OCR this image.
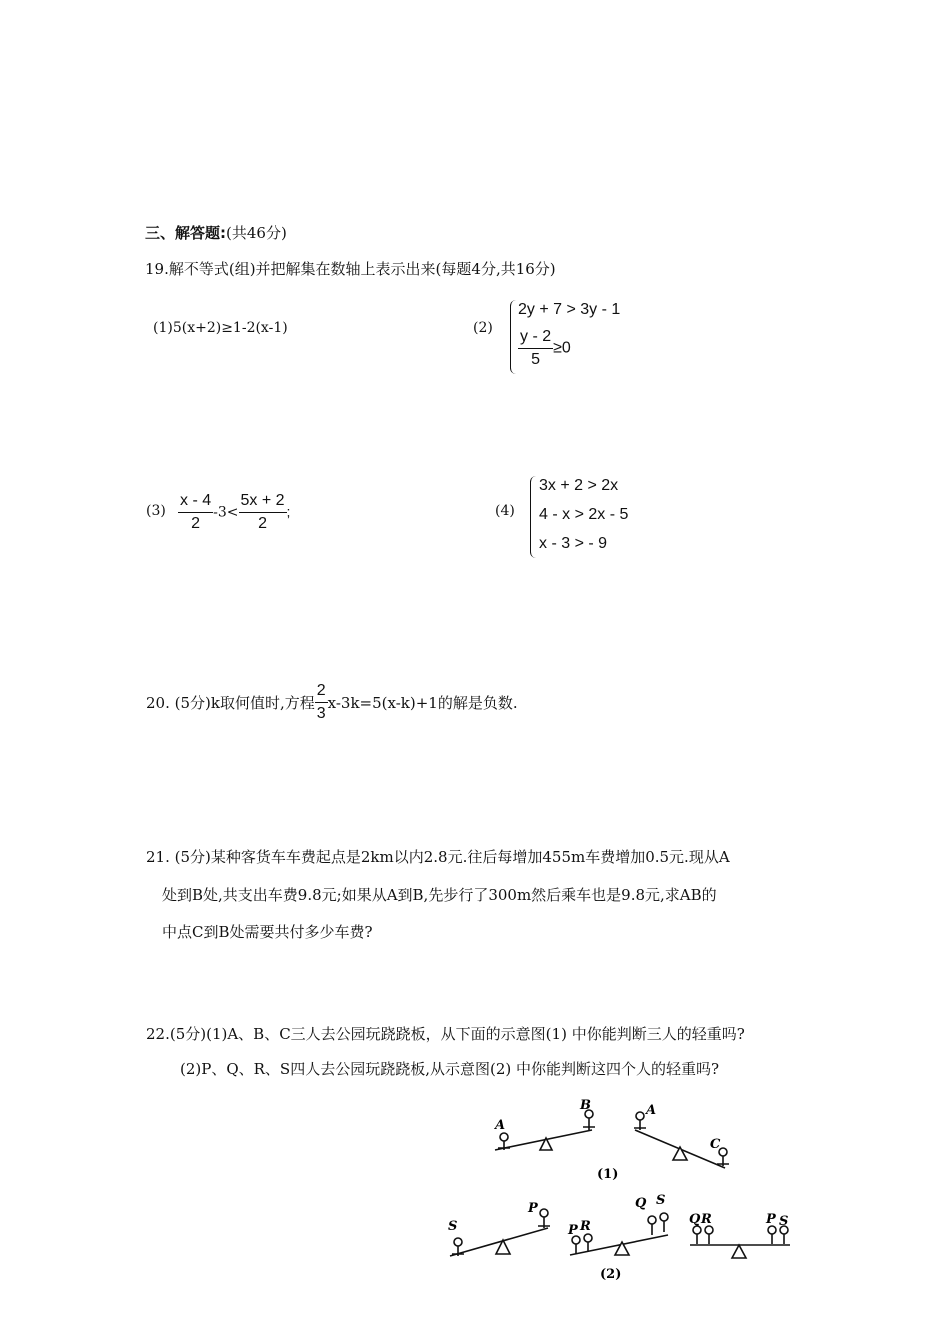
三、解答题:(共46分)
19.解不等式(组)并把解集在数轴上表示出来(每题4分,共16分)
(1)5(x+2)≥1-2(x-1)	(2)
2y + 7 > 3y - 1
$\frac{y - 2}{5} \ge 0$
$(3) \frac{x - 4}{2} -3< \frac{5x + 2}{2}$ ;	(4)
3x + 2 > 2x
4 - x > 2x - 5
x - 3 > - 9
20. (5分)k取何值时,方程 $\frac{2}{3} x-3k=5(x-k)+1$的解是负数.
21. (5分)某种客货车车费起点是2km以内2.8元.往后每增加455m车费增加0.5元.现从A
处到B处,共支出车费9.8元;如果从A到B,先步行了300m然后乘车也是9.8元,求AB的
中点C到B处需要共付多少车费?
22.(5分)(1)A、B、C三人去公园玩跷跷板，从下面的示意图(1) 中你能判断三人的轻重吗?
(2)P、Q、R、S四人去公园玩跷跷板,从示意图(2) 中你能判断这四个人的轻重吗?
A
B	A
C
(1)
S
P
P R
Q S
(2)
Q R	P S
